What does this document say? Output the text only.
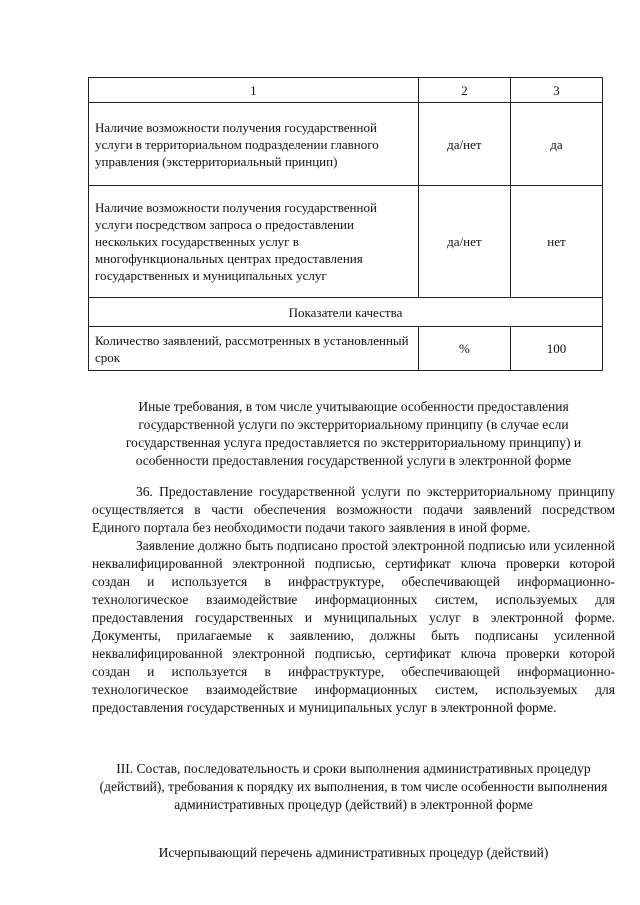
1	2	3
Наличие возможности получения государственной услуги в территориальном подразделении главного управления (экстерриториальный принцип)	да/нет	да
Наличие возможности получения государственной услуги посредством запроса о предоставлении нескольких государственных услуг в многофункциональных центрах предоставления государственных и муниципальных услуг	да/нет	нет
Показатели качества		
Количество заявлений, рассмотренных в установленный срок	%	100
Иные требования, в том числе учитывающие особенности предоставления государственной услуги по экстерриториальному принципу (в случае если государственная услуга предоставляется по экстерриториальному принципу) и особенности предоставления государственной услуги в электронной форме

36. Предоставление государственной услуги по экстерриториальному принципу осуществляется в части обеспечения возможности подачи заявлений посредством Единого портала без необходимости подачи такого заявления в иной форме.

Заявление должно быть подписано простой электронной подписью или усиленной неквалифицированной электронной подписью, сертификат ключа проверки которой создан и используется в инфраструктуре, обеспечивающей информационно-технологическое взаимодействие информационных систем, используемых для предоставления государственных и муниципальных услуг в электронной форме. Документы, прилагаемые к заявлению, должны быть подписаны усиленной неквалифицированной электронной подписью, сертификат ключа проверки которой создан и используется в инфраструктуре, обеспечивающей информационно-технологическое взаимодействие информационных систем, используемых для предоставления государственных и муниципальных услуг в электронной форме.

III. Состав, последовательность и сроки выполнения административных процедур (действий), требования к порядку их выполнения, в том числе особенности выполнения административных процедур (действий) в электронной форме
Исчерпывающий перечень административных процедур (действий)
